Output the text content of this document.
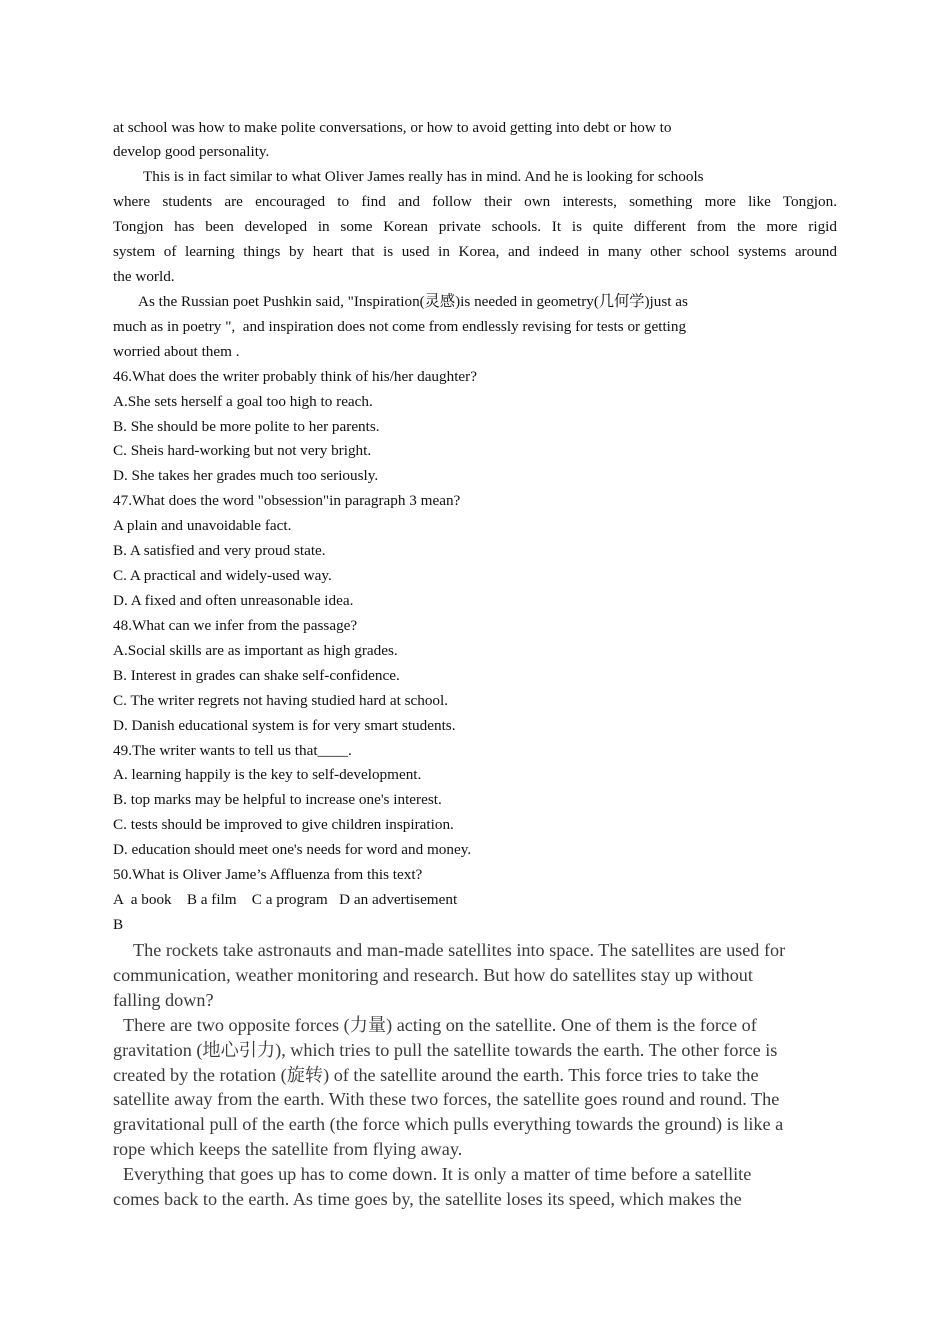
at school was how to make polite conversations, or how to avoid getting into debt or how to
develop good personality.
This is in fact similar to what Oliver James really has in mind. And he is looking for schools
where students are encouraged to find and follow their own interests, something more like Tongjon.
Tongjon has been developed in some Korean private schools. It is quite different from the more rigid
system of learning things by heart that is used in Korea, and indeed in many other school systems around
the world.
As the Russian poet Pushkin said, "Inspiration(灵感)is needed in geometry(几何学)just as
much as in poetry ",  and inspiration does not come from endlessly revising for tests or getting
worried about them .
46.What does the writer probably think of his/her daughter?
A.She sets herself a goal too high to reach.
B. She should be more polite to her parents.
C. Sheis hard-working but not very bright.
D. She takes her grades much too seriously.
47.What does the word "obsession"in paragraph 3 mean?
A plain and unavoidable fact.
B. A satisfied and very proud state.
C. A practical and widely-used way.
D. A fixed and often unreasonable idea.
48.What can we infer from the passage?
A.Social skills are as important as high grades.
B. Interest in grades can shake self-confidence.
C. The writer regrets not having studied hard at school.
D. Danish educational system is for very smart students.
49.The writer wants to tell us that____.
A. learning happily is the key to self-development.
B. top marks may be helpful to increase one's interest.
C. tests should be improved to give children inspiration.
D. education should meet one's needs for word and money.
50.What is Oliver Jame’s Affluenza from this text?
A  a book    B a film    C a program   D an advertisement
B
The rockets take astronauts and man-made satellites into space. The satellites are used for
communication, weather monitoring and research. But how do satellites stay up without
falling down?
There are two opposite forces (力量) acting on the satellite. One of them is the force of
gravitation (地心引力), which tries to pull the satellite towards the earth. The other force is
created by the rotation (旋转) of the satellite around the earth. This force tries to take the
satellite away from the earth. With these two forces, the satellite goes round and round. The
gravitational pull of the earth (the force which pulls everything towards the ground) is like a
rope which keeps the satellite from flying away.
Everything that goes up has to come down. It is only a matter of time before a satellite
comes back to the earth. As time goes by, the satellite loses its speed, which makes the
